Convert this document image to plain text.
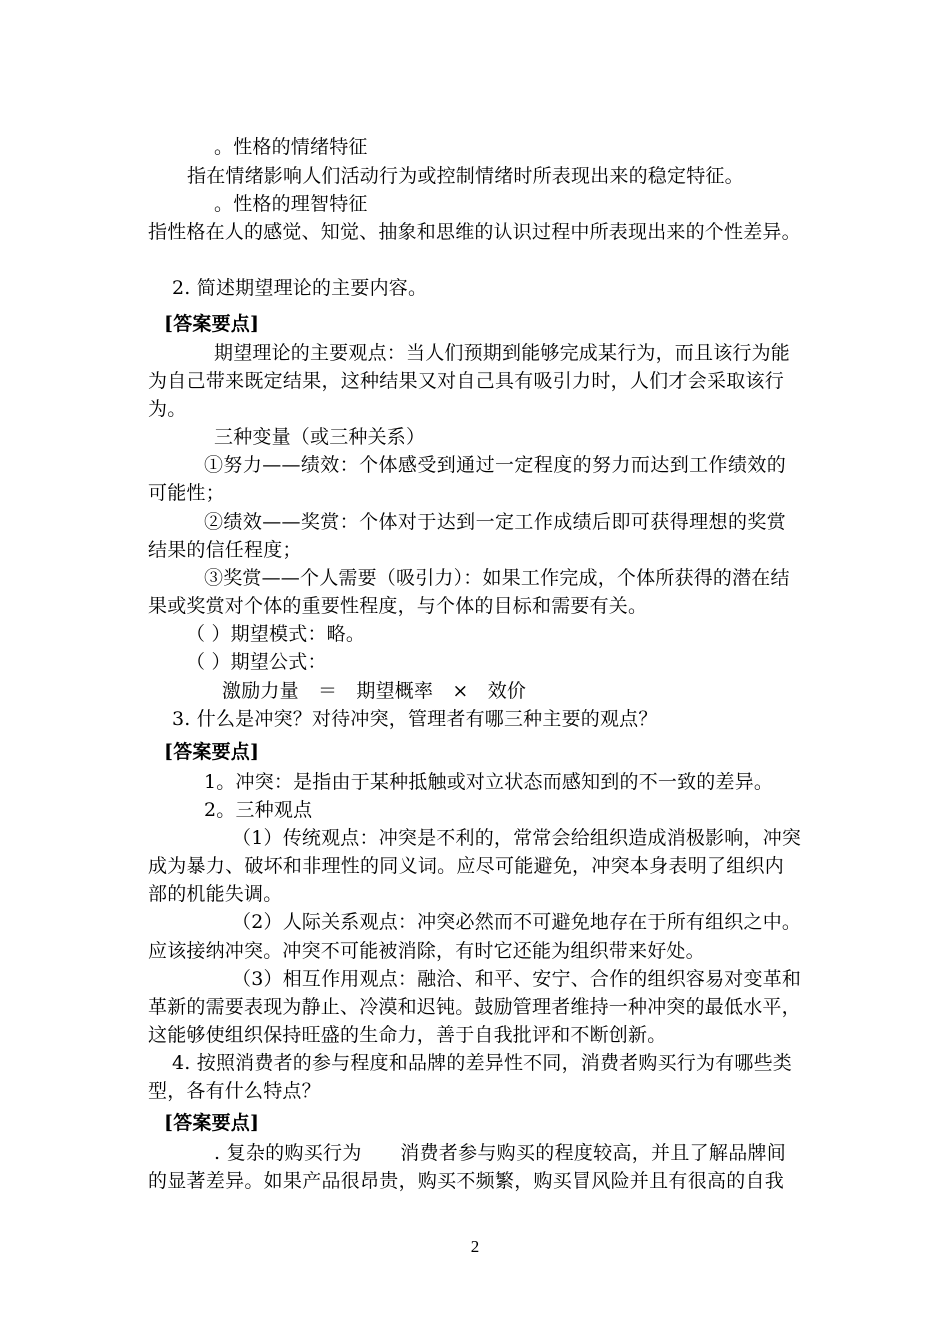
。性格的情绪特征
指在情绪影响人们活动行为或控制情绪时所表现出来的稳定特征。
。性格的理智特征
指性格在人的感觉、知觉、抽象和思维的认识过程中所表现出来的个性差异。
2. 简述期望理论的主要内容。
[答案要点]
期望理论的主要观点：当人们预期到能够完成某行为，而且该行为能
为自己带来既定结果，这种结果又对自己具有吸引力时，人们才会采取该行
为。
三种变量（或三种关系）
①努力——绩效：个体感受到通过一定程度的努力而达到工作绩效的
可能性；
②绩效——奖赏：个体对于达到一定工作成绩后即可获得理想的奖赏
结果的信任程度；
③奖赏——个人需要（吸引力）：如果工作完成，个体所获得的潜在结
果或奖赏对个体的重要性程度，与个体的目标和需要有关。
（ ）期望模式：略。
（ ）期望公式：
激励力量　＝　期望概率　×　效价
3. 什么是冲突？对待冲突，管理者有哪三种主要的观点？
[答案要点]
1。冲突：是指由于某种抵触或对立状态而感知到的不一致的差异。
2。三种观点
（1）传统观点：冲突是不利的，常常会给组织造成消极影响，冲突
成为暴力、破坏和非理性的同义词。应尽可能避免，冲突本身表明了组织内
部的机能失调。
（2）人际关系观点：冲突必然而不可避免地存在于所有组织之中。
应该接纳冲突。冲突不可能被消除，有时它还能为组织带来好处。
（3）相互作用观点：融洽、和平、安宁、合作的组织容易对变革和
革新的需要表现为静止、冷漠和迟钝。鼓励管理者维持一种冲突的最低水平，
这能够使组织保持旺盛的生命力，善于自我批评和不断创新。
4. 按照消费者的参与程度和品牌的差异性不同，消费者购买行为有哪些类
型，各有什么特点？
[答案要点]
. 复杂的购买行为　　消费者参与购买的程度较高，并且了解品牌间
的显著差异。如果产品很昂贵，购买不频繁，购买冒风险并且有很高的自我
2
